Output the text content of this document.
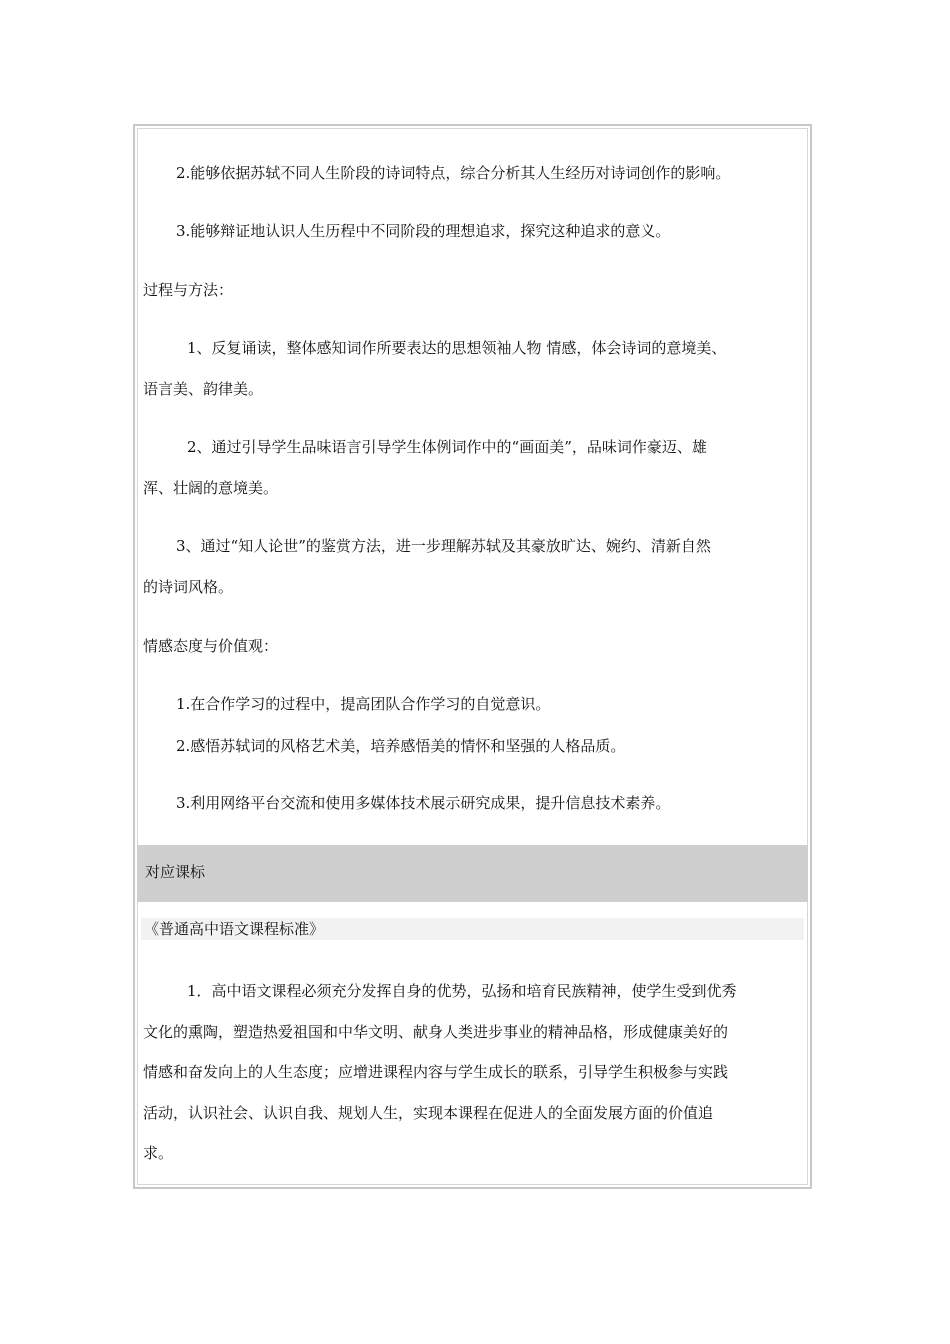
2.能够依据苏轼不同人生阶段的诗词特点，综合分析其人生经历对诗词创作的影响。
3.能够辩证地认识人生历程中不同阶段的理想追求，探究这种追求的意义。
过程与方法：
1、反复诵读，整体感知词作所要表达的思想领袖人物 情感，体会诗词的意境美、
语言美、韵律美。
2、通过引导学生品味语言引导学生体例词作中的“画面美”，品味词作豪迈、雄
浑、壮阔的意境美。
3、通过“知人论世”的鉴赏方法，进一步理解苏轼及其豪放旷达、婉约、清新自然
的诗词风格。
情感态度与价值观：
1.在合作学习的过程中，提高团队合作学习的自觉意识。
2.感悟苏轼词的风格艺术美，培养感悟美的情怀和坚强的人格品质。
3.利用网络平台交流和使用多媒体技术展示研究成果，提升信息技术素养。
对应课标
《普通高中语文课程标准》
1．高中语文课程必须充分发挥自身的优势，弘扬和培育民族精神，使学生受到优秀
文化的熏陶，塑造热爱祖国和中华文明、献身人类进步事业的精神品格，形成健康美好的
情感和奋发向上的人生态度；应增进课程内容与学生成长的联系，引导学生积极参与实践
活动，认识社会、认识自我、规划人生，实现本课程在促进人的全面发展方面的价值追
求。
